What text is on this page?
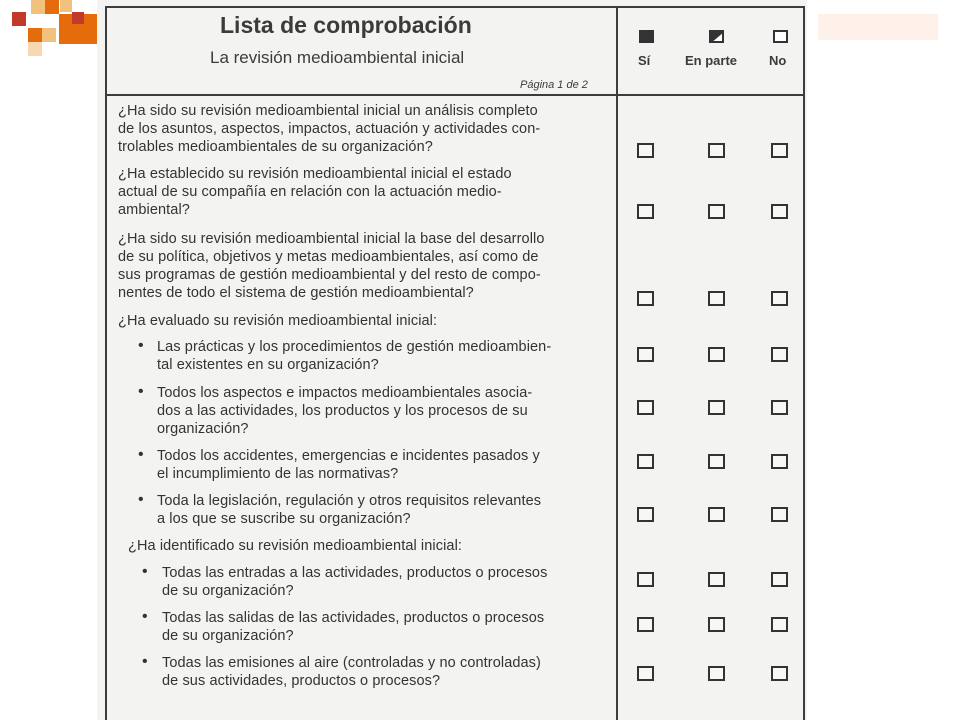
Lista de comprobación
La revisión medioambiental inicial
Página 1 de 2
Sí	En parte No
¿Ha sido su revisión medioambiental inicial un análisis completo
de los asuntos, aspectos, impactos, actuación y actividades con-
trolables medioambientales de su organización?
¿Ha establecido su revisión medioambiental inicial el estado
actual de su compañía en relación con la actuación medio-
ambiental?
¿Ha sido su revisión medioambiental inicial la base del desarrollo
de su política, objetivos y metas medioambientales, así como de
sus programas de gestión medioambiental y del resto de compo-
nentes de todo el sistema de gestión medioambiental?
¿Ha evaluado su revisión medioambiental inicial:
• Las prácticas y los procedimientos de gestión medioambien-
tal existentes en su organización?
• Todos los aspectos e impactos medioambientales asocia-
dos a las actividades, los productos y los procesos de su
organización?
• Todos los accidentes, emergencias e incidentes pasados y
el incumplimiento de las normativas?
• Toda la legislación, regulación y otros requisitos relevantes
a los que se suscribe su organización?
¿Ha identificado su revisión medioambiental inicial:
• Todas las entradas a las actividades, productos o procesos
de su organización?
• Todas las salidas de las actividades, productos o procesos
de su organización?
• Todas las emisiones al aire (controladas y no controladas)
de sus actividades, productos o procesos?
